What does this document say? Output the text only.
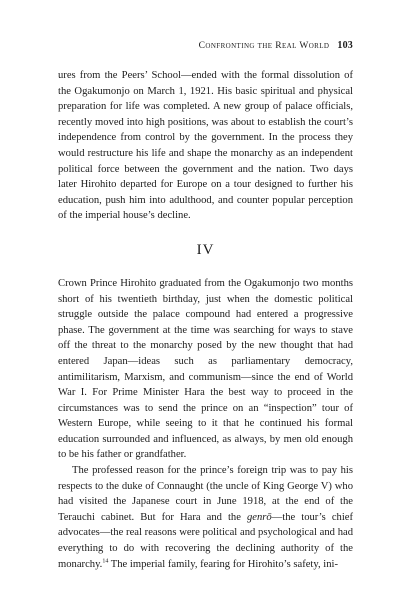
Confronting the Real World 103

ures from the Peers’ School—ended with the formal dissolution of the Ogakumonjo on March 1, 1921. His basic spiritual and physical preparation for life was completed. A new group of palace officials, recently moved into high positions, was about to establish the court’s independence from control by the government. In the process they would restructure his life and shape the monarchy as an independent political force between the government and the nation. Two days later Hirohito departed for Europe on a tour designed to further his education, push him into adulthood, and counter popular perception of the imperial house’s decline.

IV

Crown Prince Hirohito graduated from the Ogakumonjo two months short of his twentieth birthday, just when the domestic political struggle outside the palace compound had entered a progressive phase. The government at the time was searching for ways to stave off the threat to the monarchy posed by the new thought that had entered Japan—ideas such as parliamentary democracy, antimilitarism, Marxism, and communism—since the end of World War I. For Prime Minister Hara the best way to proceed in the circumstances was to send the prince on an “inspection” tour of Western Europe, while seeing to it that he continued his formal education surrounded and influenced, as always, by men old enough to be his father or grandfather.

The professed reason for the prince’s foreign trip was to pay his respects to the duke of Connaught (the uncle of King George V) who had visited the Japanese court in June 1918, at the end of the Terauchi cabinet. But for Hara and the genrō—the tour’s chief advocates—the real reasons were political and psychological and had everything to do with recovering the declining authority of the monarchy.$^{14}$ The imperial family, fearing for Hirohito’s safety, ini-
